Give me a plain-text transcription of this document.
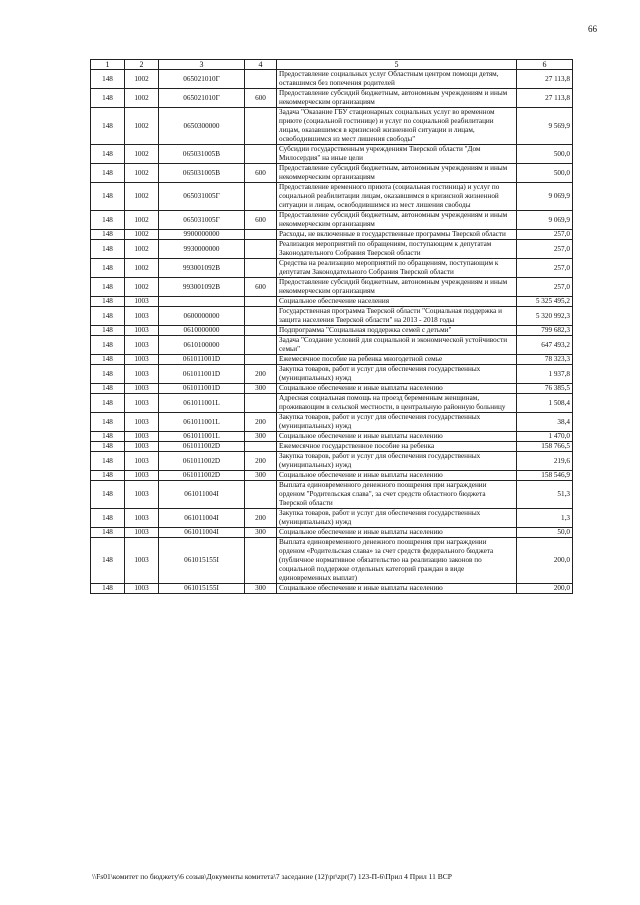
66
1	2	3	4	5	6
148	1002	065021010Г		Предоставление социальных услуг Областным центром помощи детям, оставшимся без попечения родителей	27 113,8
148	1002	065021010Г	600	Предоставление субсидий бюджетным, автономным учреждениям и иным некоммерческим организациям	27 113,8
148	1002	0650300000		Задача "Оказание ГБУ стационарных социальных услуг во временном приюте (социальной гостинице) и услуг по социальной реабилитации лицам, оказавшимся в кризисной жизненной ситуации и лицам, освободившимся из мест лишения свободы"	9 569,9
148	1002	065031005В		Субсидии государственным учреждениям Тверской области "Дом Милосердия" на иные цели	500,0
148	1002	065031005В	600	Предоставление субсидий бюджетным, автономным учреждениям и иным некоммерческим организациям	500,0
148	1002	065031005Г		Предоставление временного приюта (социальная гостиница) и услуг по социальной реабилитации лицам, оказавшимся в кризисной жизненной ситуации и лицам, освободившимся из мест лишения свободы	9 069,9
148	1002	065031005Г	600	Предоставление субсидий бюджетным, автономным учреждениям и иным некоммерческим организациям	9 069,9
148	1002	9900000000		Расходы, не включенные в государственные программы Тверской области	257,0
148	1002	9930000000		Реализация мероприятий по обращениям, поступающим к депутатам Законодательного Собрания Тверской области	257,0
148	1002	993001092В		Средства на реализацию мероприятий по обращениям, поступающим к депутатам Законодательного Собрания Тверской области	257,0
148	1002	993001092В	600	Предоставление субсидий бюджетным, автономным учреждениям и иным некоммерческим организациям	257,0
148	1003			Социальное обеспечение населения	5 325 495,2
148	1003	0600000000		Государственная программа Тверской области "Социальная поддержка и защита населения Тверской области" на 2013 - 2018 годы	5 320 992,3
148	1003	0610000000		Подпрограмма "Социальная поддержка семей с детьми"	799 682,3
148	1003	0610100000		Задача "Создание условий для социальной и экономической устойчивости семьи"	647 493,2
148	1003	061011001D		Ежемесячное пособие на ребенка многодетной семье	78 323,3
148	1003	061011001D	200	Закупка товаров, работ и услуг для обеспечения государственных (муниципальных) нужд	1 937,8
148	1003	061011001D	300	Социальное обеспечение и иные выплаты населению	76 385,5
148	1003	061011001L		Адресная социальная помощь на проезд беременным женщинам, проживающим в сельской местности, в центральную районную больницу	1 508,4
148	1003	061011001L	200	Закупка товаров, работ и услуг для обеспечения государственных (муниципальных) нужд	38,4
148	1003	061011001L	300	Социальное обеспечение и иные выплаты населению	1 470,0
148	1003	061011002D		Ежемесячное государственное пособие на ребенка	158 766,5
148	1003	061011002D	200	Закупка товаров, работ и услуг для обеспечения государственных (муниципальных) нужд	219,6
148	1003	061011002D	300	Социальное обеспечение и иные выплаты населению	158 546,9
148	1003	061011004I		Выплата единовременного денежного поощрения при награждении орденом "Родительская слава", за счет средств областного бюджета Тверской области	51,3
148	1003	061011004I	200	Закупка товаров, работ и услуг для обеспечения государственных (муниципальных) нужд	1,3
148	1003	061011004I	300	Социальное обеспечение и иные выплаты населению	50,0
148	1003	061015155I		Выплата единовременного денежного поощрения при награждении орденом «Родительская слава» за счет средств федерального бюджета (публичное нормативное обязательство на реализацию законов по социальной поддержке отдельных категорий граждан в виде единовременных выплат)	200,0
148	1003	061015155I	300	Социальное обеспечение и иные выплаты населению	200,0
\\Fs01\комитет по бюджету\6 созыв\Документы комитета\7 заседание (12)\pr\zpr(7) 123-П-6\Прил 4 Прил 11 ВСР
